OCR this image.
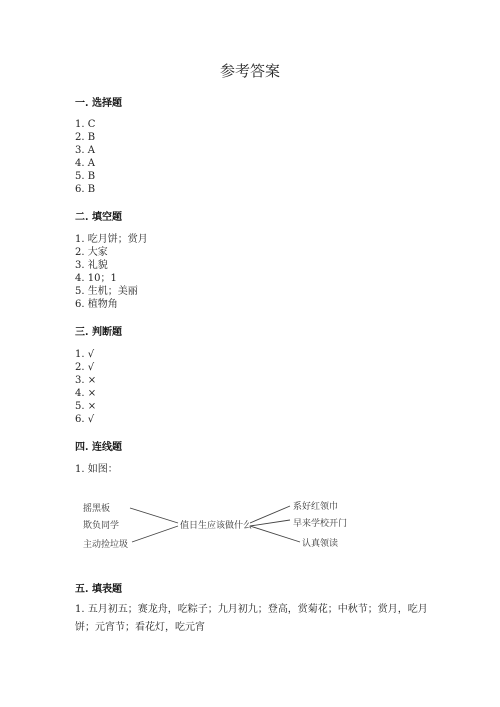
参考答案
一. 选择题
1. C
2. B
3. A
4. A
5. B
6. B
二. 填空题
1. 吃月饼；赏月
2. 大家
3. 礼貌
4. 10；1
5. 生机；美丽
6. 植物角
三. 判断题
1. √
2. √
3. ×
4. ×
5. ×
6. √
四. 连线题
1. 如图：
摇黑板
欺负同学
主动捡垃圾
值日生应该做什么
系好红领巾
早来学校开门
认真领读
五. 填表题
1. 五月初五；赛龙舟，吃粽子；九月初九；登高，赏菊花；中秋节；赏月，吃月饼；元宵节；看花灯，吃元宵
